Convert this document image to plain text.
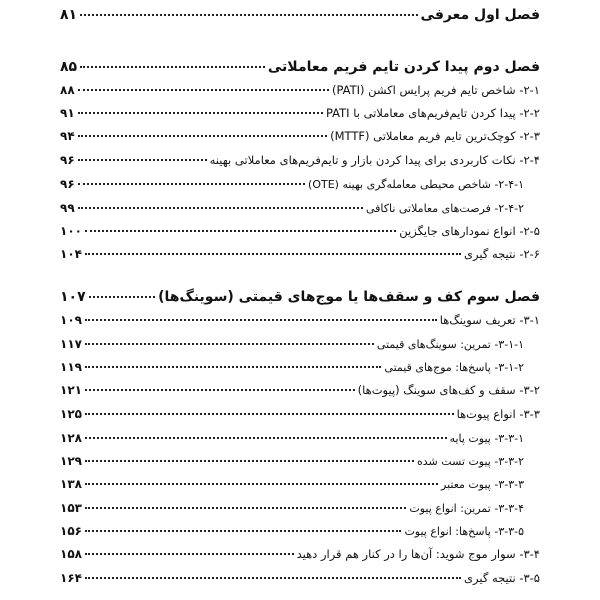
فصل اول معرفی
۸۱
فصل دوم پیدا کردن تایم فریم معاملاتی
۸۵
۲-۱- شاخص تایم فریم پرایس اکشن (PATI)
۸۸
۲-۲- پیدا کردن تایم‌فریم‌های معاملاتی با PATI
۹۱
۲-۳- کوچک‌ترین تایم فریم معاملاتی (MTTF)
۹۴
۲-۴- نکات کاربردی برای پیدا کردن بازار و تایم‌فریم‌های معاملاتی بهینه
۹۶
۲-۴-۱- شاخص محیطی معامله‌گری بهینه (OTE)
۹۶
۲-۴-۲- فرصت‌های معاملاتی ناکافی
۹۹
۲-۵- انواع نمودارهای جایگزین
۱۰۰
۲-۶- نتیجه گیری
۱۰۴
فصل سوم کف و سقف‌ها یا موج‌های قیمتی (سوینگ‌ها)
۱۰۷
۳-۱- تعریف سوینگ‌ها
۱۰۹
۳-۱-۱- تمرین: سوینگ‌های قیمتی
۱۱۷
۳-۱-۲- پاسخ‌ها: موج‌های قیمتی
۱۱۹
۳-۲- سقف و کف‌های سوینگ (پیوت‌ها)
۱۲۱
۳-۳- انواع پیوت‌ها
۱۲۵
۳-۳-۱- پیوت پایه
۱۲۸
۳-۳-۲- پیوت تست شده
۱۲۹
۳-۳-۳- پیوت معتبر
۱۳۸
۳-۳-۴- تمرین: انواع پیوت
۱۵۳
۳-۳-۵- پاسخ‌ها: انواع پیوت
۱۵۶
۳-۴- سوار موج شوید: آن‌ها را در کنار هم قرار دهید
۱۵۸
۳-۵- نتیجه گیری
۱۶۴
